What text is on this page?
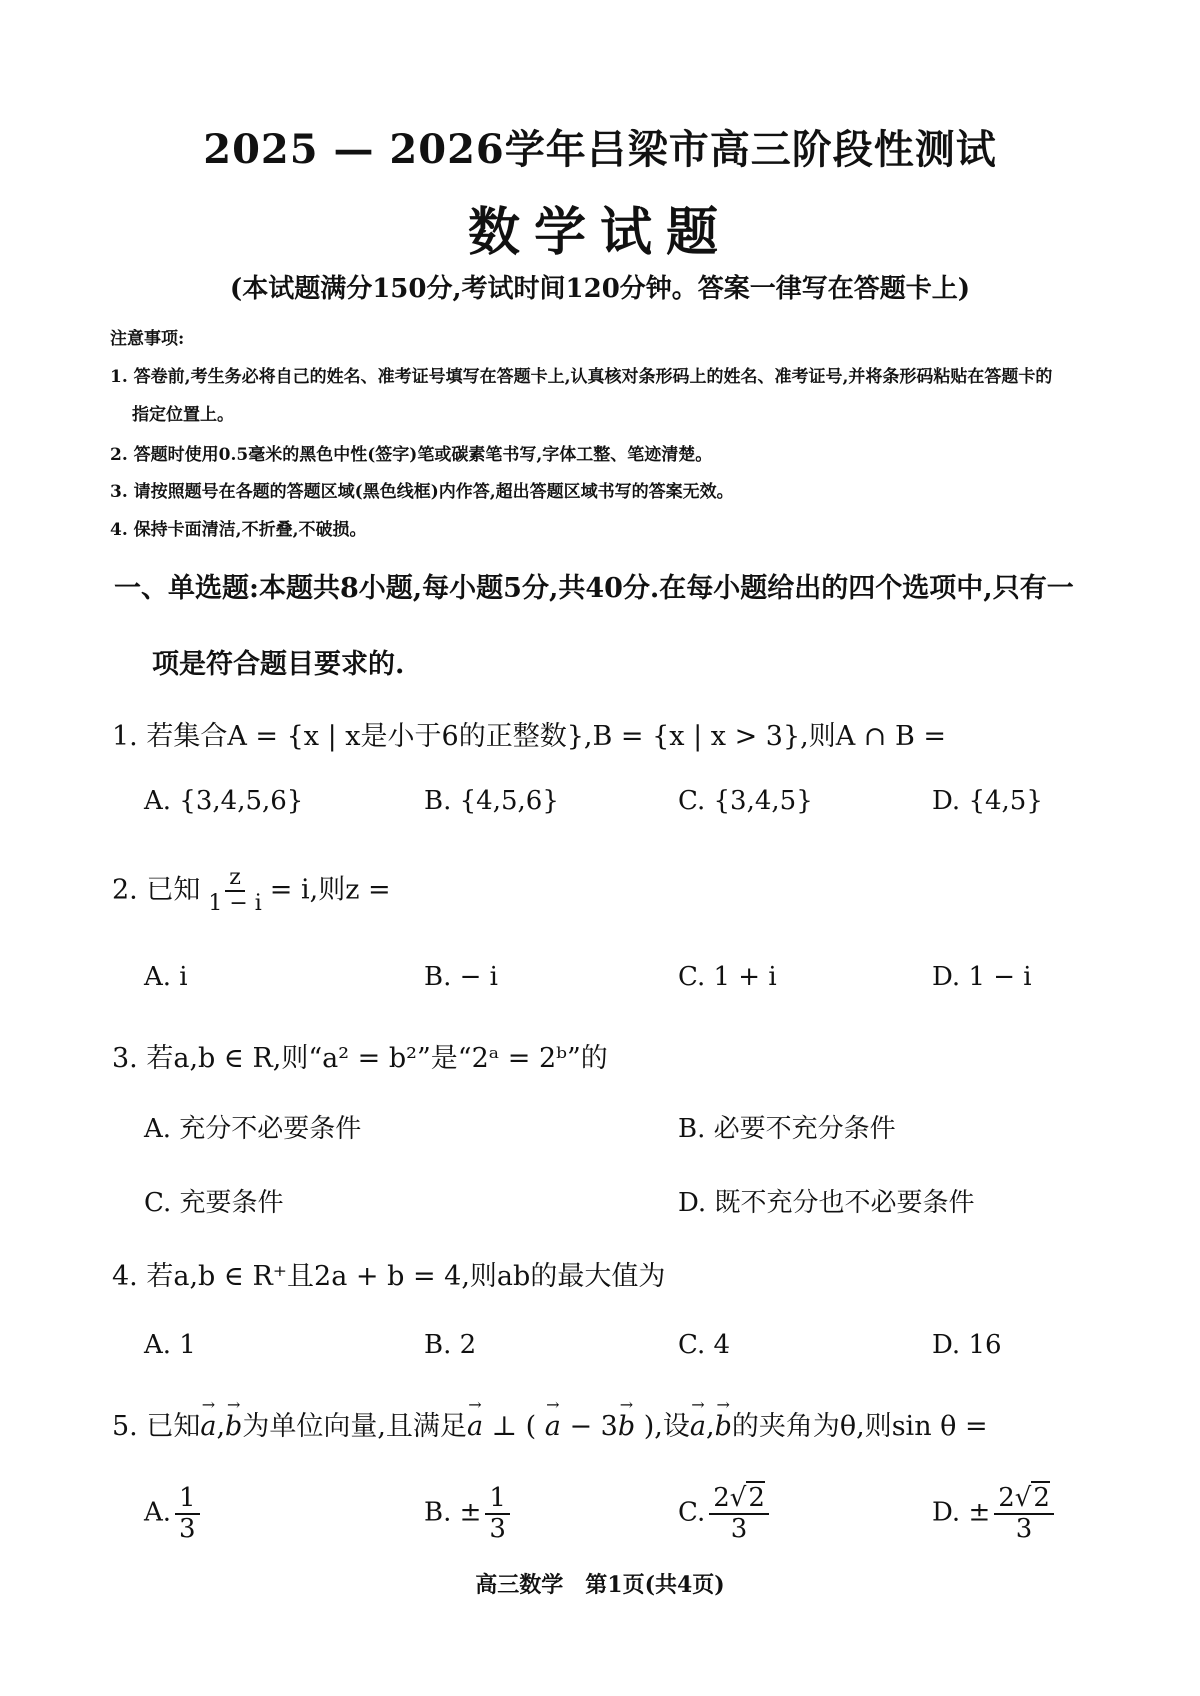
2025 — 2026学年吕梁市高三阶段性测试
数学试题
(本试题满分150分,考试时间120分钟。答案一律写在答题卡上)
注意事项:
1. 答卷前,考生务必将自己的姓名、准考证号填写在答题卡上,认真核对条形码上的姓名、准考证号,并将条形码粘贴在答题卡的
指定位置上。
2. 答题时使用0.5毫米的黑色中性(签字)笔或碳素笔书写,字体工整、笔迹清楚。
3. 请按照题号在各题的答题区域(黑色线框)内作答,超出答题区域书写的答案无效。
4. 保持卡面清洁,不折叠,不破损。
一、单选题:本题共8小题,每小题5分,共40分.在每小题给出的四个选项中,只有一
项是符合题目要求的.
1. 若集合A = {x | x是小于6的正整数},B = {x | x > 3},则A ∩ B =
A. {3,4,5,6}	B. {4,5,6}	C. {3,4,5}	D. {4,5}
2. 已知 $\frac{z}{1 - i} = i$,则z =
A. i	B. − i	C. 1 + i	D. 1 − i
3. 若a,b ∈ R,则“a² = b²”是“2ᵃ = 2ᵇ”的
A. 充分不必要条件	B. 必要不充分条件
C. 充要条件	D. 既不充分也不必要条件
4. 若a,b ∈ R⁺且2a + b = 4,则ab的最大值为
A. 1	B. 2	C. 4	D. 16
5. 已知→ a,→ b为单位向量,且满足→ a ⊥ ( → a − 3→ b ),设→ a,→ b的夹角为θ,则sin θ =
A. $\frac{1}{3}$	B. ± $\frac{1}{3}$	C. $\frac{2√2}{3}$	D. ± $\frac{2√2}{3}$
高三数学　第1页(共4页)
